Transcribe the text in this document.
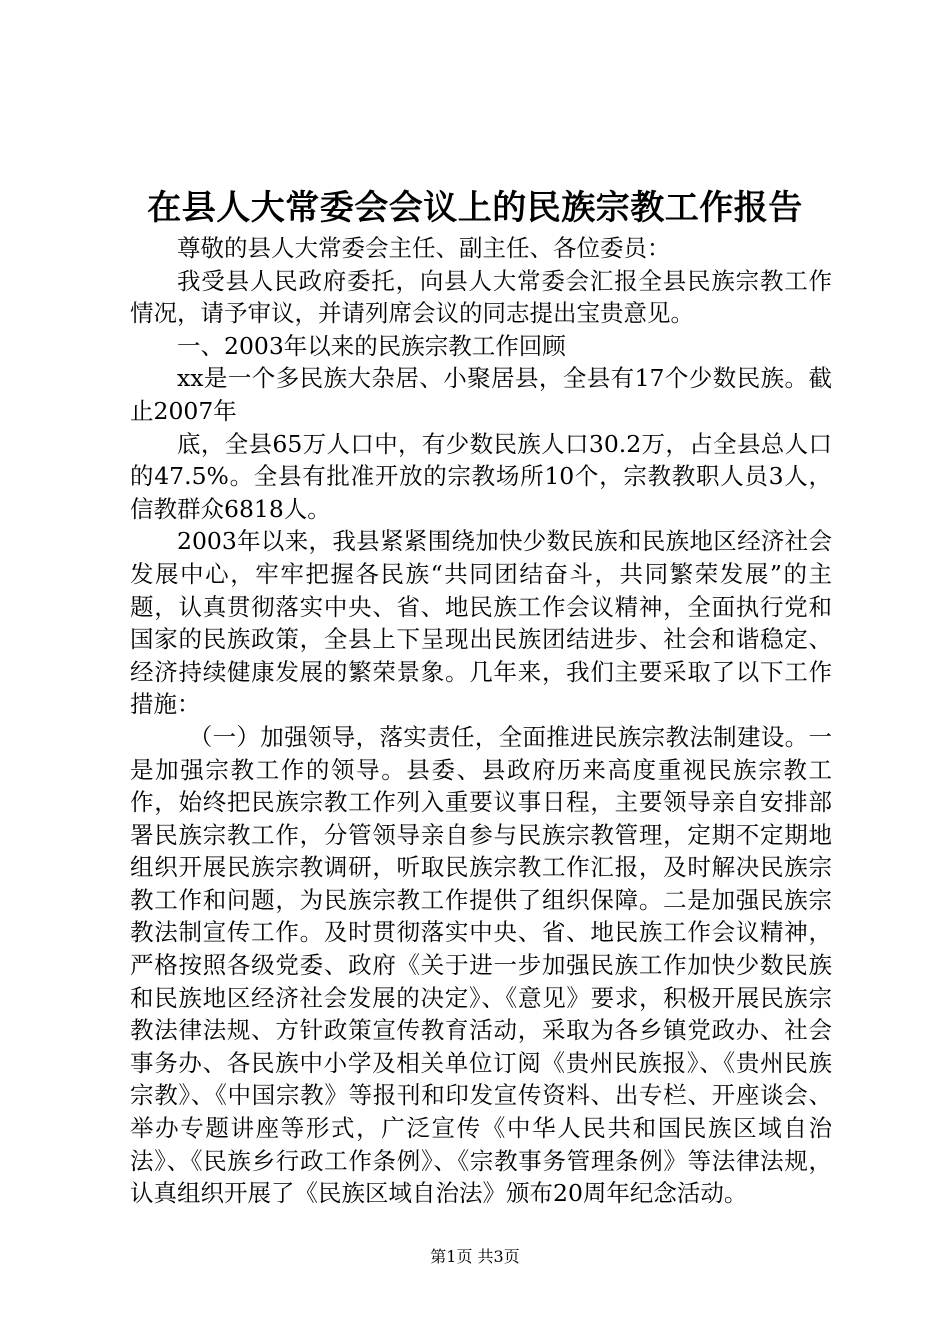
在县人大常委会会议上的民族宗教工作报告

尊敬的县人大常委会主任、副主任、各位委员：

我受县人民政府委托，向县人大常委会汇报全县民族宗教工作情况，请予审议，并请列席会议的同志提出宝贵意见。

一、2003年以来的民族宗教工作回顾

xx是一个多民族大杂居、小聚居县，全县有17个少数民族。截止2007年

底，全县65万人口中，有少数民族人口30.2万，占全县总人口的47.5%。全县有批准开放的宗教场所10个，宗教教职人员3人，信教群众6818人。

2003年以来，我县紧紧围绕加快少数民族和民族地区经济社会发展中心，牢牢把握各民族“共同团结奋斗，共同繁荣发展”的主题，认真贯彻落实中央、省、地民族工作会议精神，全面执行党和国家的民族政策，全县上下呈现出民族团结进步、社会和谐稳定、经济持续健康发展的繁荣景象。几年来，我们主要采取了以下工作措施：

（一）加强领导，落实责任，全面推进民族宗教法制建设。一是加强宗教工作的领导。县委、县政府历来高度重视民族宗教工作，始终把民族宗教工作列入重要议事日程，主要领导亲自安排部署民族宗教工作，分管领导亲自参与民族宗教管理，定期不定期地组织开展民族宗教调研，听取民族宗教工作汇报，及时解决民族宗教工作和问题，为民族宗教工作提供了组织保障。二是加强民族宗教法制宣传工作。及时贯彻落实中央、省、地民族工作会议精神，严格按照各级党委、政府《关于进一步加强民族工作加快少数民族和民族地区经济社会发展的决定》、《意见》要求，积极开展民族宗教法律法规、方针政策宣传教育活动，采取为各乡镇党政办、社会事务办、各民族中小学及相关单位订阅《贵州民族报》、《贵州民族宗教》、《中国宗教》等报刊和印发宣传资料、出专栏、开座谈会、举办专题讲座等形式，广泛宣传《中华人民共和国民族区域自治法》、《民族乡行政工作条例》、《宗教事务管理条例》等法律法规，认真组织开展了《民族区域自治法》颁布20周年纪念活动。

第1页 共3页
